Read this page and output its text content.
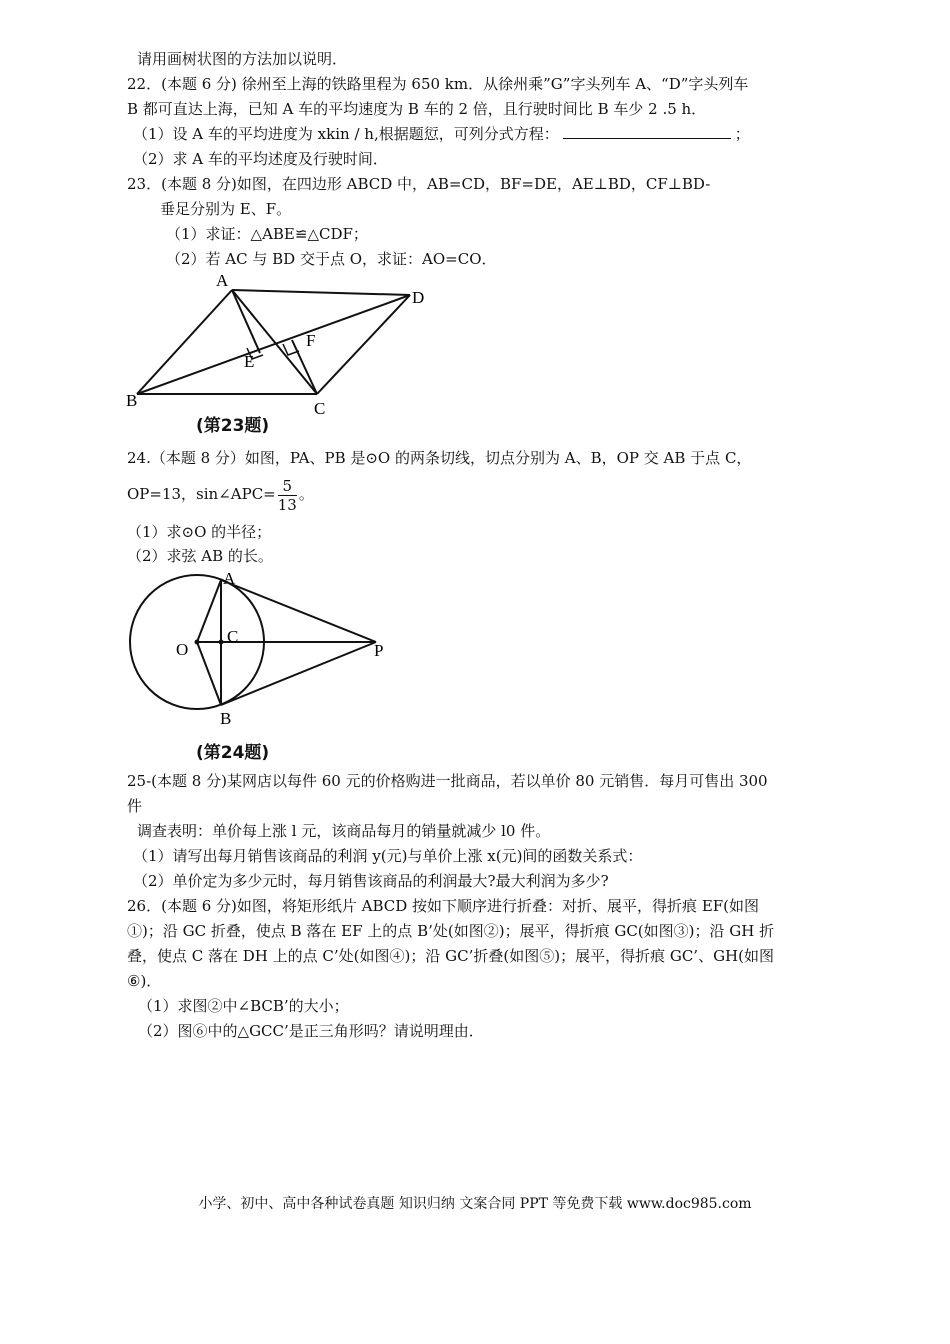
请用画树状图的方法加以说明．
22．(本题 6 分) 徐州至上海的铁路里程为 650 km．从徐州乘”G”字头列车 A、“D”字头列车
B 都可直达上海，已知 A 车的平均速度为 B 车的 2 倍，且行驶时间比 B 车少 2 .5 h．
（1）设 A 车的平均进度为 xkin / h,根据题愆，可列分式方程：	；
（2）求 A 车的平均述度及行驶时间．
23．(本题 8 分)如图，在四边形 ABCD 中，AB=CD，BF=DE，AE⊥BD，CF⊥BD-
垂足分别为 E、F。
（1）求证：△ABE≌△CDF；
（2）若 AC 与 BD 交于点 O，求证：AO=CO．
A
D
E
F
B	C
(第23题)
24.（本题 8 分）如图，PA、PB 是⊙O 的两条切线，切点分别为 A、B，OP 交 AB 于点 C，
OP=13，sin∠APC= $\frac{5}{13}$ 。
（1）求⊙O 的半径；
（2）求弦 AB 的长。
A
C
O	P
B
(第24题)
25-(本题 8 分)某网店以每件 60 元的价格购进一批商品，若以单价 80 元销售．每月可售出 300
件
调查表明：单价每上涨 l 元，该商品每月的销量就减少 l0 件。
（1）请写出每月销售该商品的利润 y(元)与单价上涨 x(元)间的函数关系式：
（2）单价定为多少元时，每月销售该商品的利润最大?最大利润为多少?
26．(本题 6 分)如图，将矩形纸片 ABCD 按如下顺序进行折叠：对折、展平，得折痕 EF(如图
①)；沿 GC 折叠，使点 B 落在 EF 上的点 B’处(如图②)；展平，得折痕 GC(如图③)；沿 GH 折
叠，使点 C 落在 DH 上的点 C’处(如图④)；沿 GC’折叠(如图⑤)；展平，得折痕 GC’、GH(如图
⑥)．
（1）求图②中∠BCB’的大小；
（2）图⑥中的△GCC’是正三角形吗？请说明理由．
小学、初中、高中各种试卷真题 知识归纳 文案合同 PPT 等免费下载 www.doc985.com
